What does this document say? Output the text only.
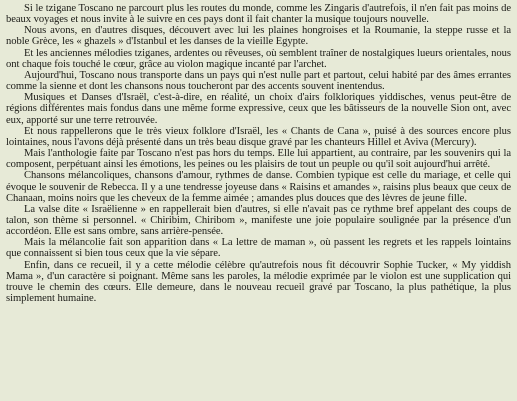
Si le tzigane Toscano ne parcourt plus les routes du monde, comme les Zingaris d'autrefois, il n'en fait pas moins de beaux voyages et nous invite à le suivre en ces pays dont il fait chanter la musique toujours nouvelle.

Nous avons, en d'autres disques, découvert avec lui les plaines hongroises et la Roumanie, la steppe russe et la noble Grèce, les « ghazels » d'Istanbul et les danses de la vieille Egypte.

Et les anciennes mélodies tziganes, ardentes ou rêveuses, où semblent traîner de nostalgiques lueurs orientales, nous ont chaque fois touché le cœur, grâce au violon magique incanté par l'archet.

Aujourd'hui, Toscano nous transporte dans un pays qui n'est nulle part et partout, celui habité par des âmes errantes comme la sienne et dont les chansons nous toucheront par des accents souvent inentendus.

Musiques et Danses d'Israël, c'est-à-dire, en réalité, un choix d'airs folkloriques yiddisches, venus peut-être de régions différentes mais fondus dans une même forme expressive, ceux que les bâtisseurs de la nouvelle Sion ont, avec eux, apporté sur une terre retrouvée.

Et nous rappellerons que le très vieux folklore d'Israël, les « Chants de Cana », puisé à des sources encore plus lointaines, nous l'avons déjà présenté dans un très beau disque gravé par les chanteurs Hillel et Aviva (Mercury).

Mais l'anthologie faite par Toscano n'est pas hors du temps. Elle lui appartient, au contraire, par les souvenirs qui la composent, perpétuant ainsi les émotions, les peines ou les plaisirs de tout un peuple ou qu'il soit aujourd'hui arrêté.

Chansons mélancoliques, chansons d'amour, rythmes de danse. Combien typique est celle du mariage, et celle qui évoque le souvenir de Rebecca. Il y a une tendresse joyeuse dans « Raisins et amandes », raisins plus beaux que ceux de Chanaan, moins noirs que les cheveux de la femme aimée ; amandes plus douces que des lèvres de jeune fille.

La valse dite « Israëlienne » en rappellerait bien d'autres, si elle n'avait pas ce rythme bref appelant des coups de talon, son thème si personnel. « Chiribim, Chiribom », manifeste une joie populaire soulignée par la présence d'un accordéon. Elle est sans ombre, sans arrière-pensée.

Mais la mélancolie fait son apparition dans « La lettre de maman », où passent les regrets et les rappels lointains que connaissent si bien tous ceux que la vie sépare.

Enfin, dans ce recueil, il y a cette mélodie célèbre qu'autrefois nous fit découvrir Sophie Tucker, « My yiddish Mama », d'un caractère si poignant. Même sans les paroles, la mélodie exprimée par le violon est une supplication qui trouve le chemin des cœurs. Elle demeure, dans le nouveau recueil gravé par Toscano, la plus pathétique, la plus simplement humaine.
